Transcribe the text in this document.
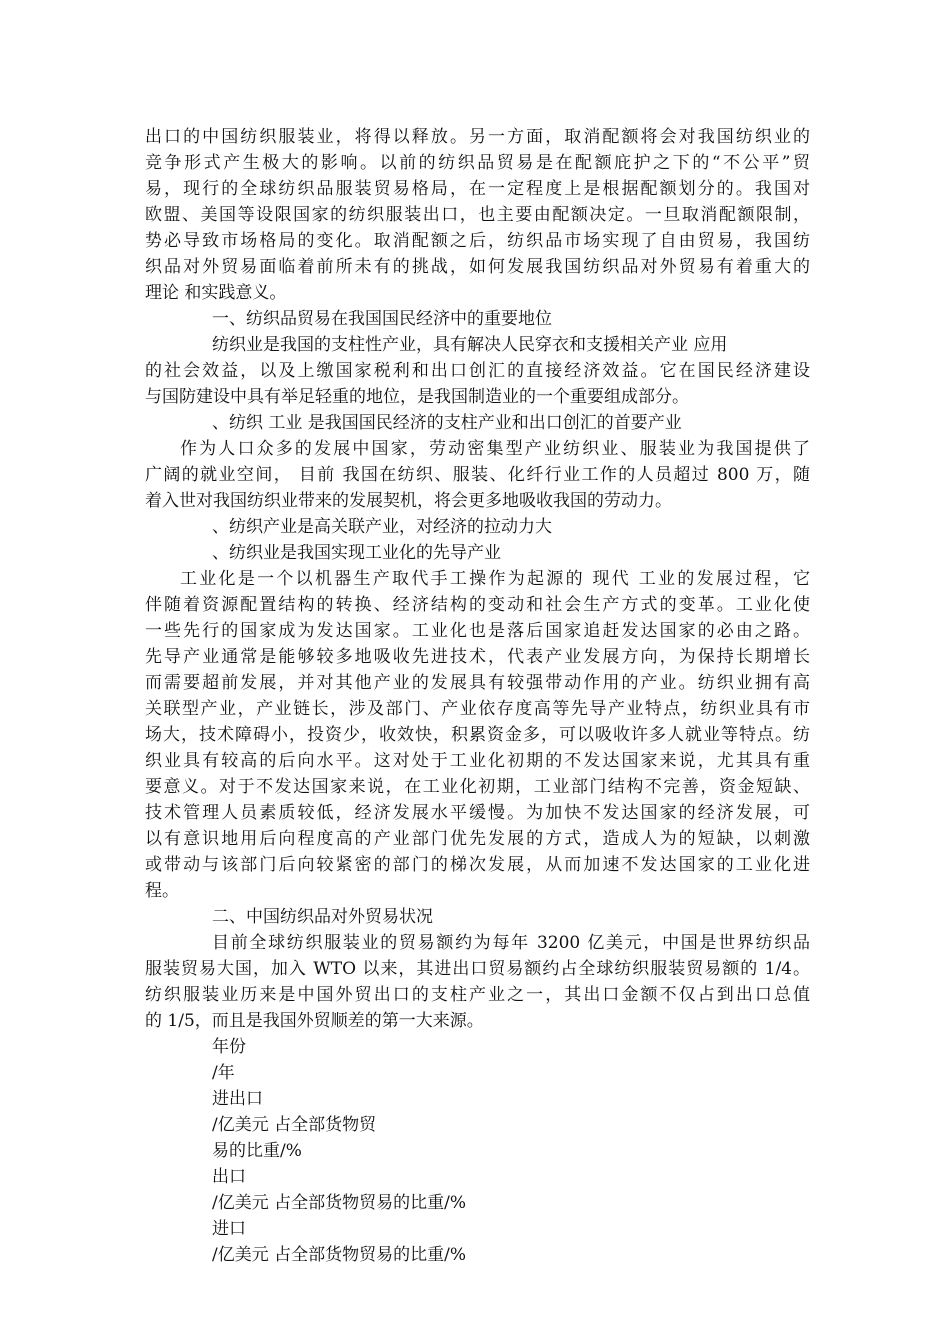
出口的中国纺织服装业，将得以释放。另一方面，取消配额将会对我国纺织业的
竞争形式产生极大的影响。以前的纺织品贸易是在配额庇护之下的“不公平”贸
易，现行的全球纺织品服装贸易格局，在一定程度上是根据配额划分的。我国对
欧盟、美国等设限国家的纺织服装出口，也主要由配额决定。一旦取消配额限制，
势必导致市场格局的变化。取消配额之后，纺织品市场实现了自由贸易，我国纺
织品对外贸易面临着前所未有的挑战，如何发展我国纺织品对外贸易有着重大的
理论 和实践意义。
一、纺织品贸易在我国国民经济中的重要地位
纺织业是我国的支柱性产业，具有解决人民穿衣和支援相关产业 应用
的社会效益，以及上缴国家税利和出口创汇的直接经济效益。它在国民经济建设
与国防建设中具有举足轻重的地位，是我国制造业的一个重要组成部分。
、纺织 工业 是我国国民经济的支柱产业和出口创汇的首要产业
作为人口众多的发展中国家，劳动密集型产业纺织业、服装业为我国提供了
广阔的就业空间， 目前 我国在纺织、服装、化纤行业工作的人员超过 800 万，随
着入世对我国纺织业带来的发展契机，将会更多地吸收我国的劳动力。
、纺织产业是高关联产业，对经济的拉动力大
、纺织业是我国实现工业化的先导产业
工业化是一个以机器生产取代手工操作为起源的 现代 工业的发展过程，它
伴随着资源配置结构的转换、经济结构的变动和社会生产方式的变革。工业化使
一些先行的国家成为发达国家。工业化也是落后国家追赶发达国家的必由之路。
先导产业通常是能够较多地吸收先进技术，代表产业发展方向，为保持长期增长
而需要超前发展，并对其他产业的发展具有较强带动作用的产业。纺织业拥有高
关联型产业，产业链长，涉及部门、产业依存度高等先导产业特点，纺织业具有市
场大，技术障碍小，投资少，收效快，积累资金多，可以吸收许多人就业等特点。纺
织业具有较高的后向水平。这对处于工业化初期的不发达国家来说，尤其具有重
要意义。对于不发达国家来说，在工业化初期，工业部门结构不完善，资金短缺、
技术管理人员素质较低，经济发展水平缓慢。为加快不发达国家的经济发展，可
以有意识地用后向程度高的产业部门优先发展的方式，造成人为的短缺，以刺激
或带动与该部门后向较紧密的部门的梯次发展，从而加速不发达国家的工业化进
程。
二、中国纺织品对外贸易状况
目前全球纺织服装业的贸易额约为每年 3200 亿美元，中国是世界纺织品
服装贸易大国，加入 WTO 以来，其进出口贸易额约占全球纺织服装贸易额的 1/4。
纺织服装业历来是中国外贸出口的支柱产业之一，其出口金额不仅占到出口总值
的 1/5，而且是我国外贸顺差的第一大来源。
年份
/年
进出口
/亿美元 占全部货物贸
易的比重/%
出口
/亿美元 占全部货物贸易的比重/%
进口
/亿美元 占全部货物贸易的比重/%
